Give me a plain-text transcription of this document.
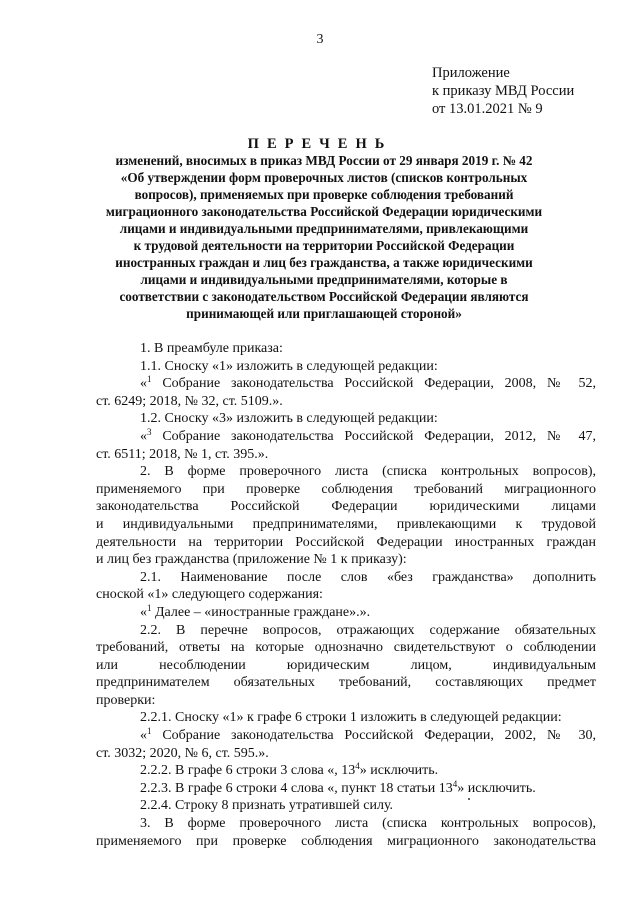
3
Приложение
к приказу МВД России
от 13.01.2021 № 9
ПЕРЕЧЕНЬ
изменений, вносимых в приказ МВД России от 29 января 2019 г. № 42
«Об утверждении форм проверочных листов (списков контрольных
вопросов), применяемых при проверке соблюдения требований
миграционного законодательства Российской Федерации юридическими
лицами и индивидуальными предпринимателями, привлекающими
к трудовой деятельности на территории Российской Федерации
иностранных граждан и лиц без гражданства, а также юридическими
лицами и индивидуальными предпринимателями, которые в
соответствии с законодательством Российской Федерации являются
принимающей или приглашающей стороной»
1. В преамбуле приказа:
1.1. Сноску «1» изложить в следующей редакции:
«$^1$ Собрание законодательства Российской Федерации, 2008, № 52,
ст. 6249; 2018, № 32, ст. 5109.».
1.2. Сноску «3» изложить в следующей редакции:
«$^3$ Собрание законодательства Российской Федерации, 2012, № 47,
ст. 6511; 2018, № 1, ст. 395.».
2. В форме проверочного листа (списка контрольных вопросов),
применяемого при проверке соблюдения требований миграционного
законодательства Российской Федерации юридическими лицами
и индивидуальными предпринимателями, привлекающими к трудовой
деятельности на территории Российской Федерации иностранных граждан
и лиц без гражданства (приложение № 1 к приказу):
2.1. Наименование после слов «без гражданства» дополнить
сноской «1» следующего содержания:
«$^1$ Далее – «иностранные граждане».».
2.2. В перечне вопросов, отражающих содержание обязательных
требований, ответы на которые однозначно свидетельствуют о соблюдении
или несоблюдении юридическим лицом, индивидуальным
предпринимателем обязательных требований, составляющих предмет
проверки:
2.2.1. Сноску «1» к графе 6 строки 1 изложить в следующей редакции:
«$^1$ Собрание законодательства Российской Федерации, 2002, № 30,
ст. 3032; 2020, № 6, ст. 595.».
2.2.2. В графе 6 строки 3 слова «, $13^4$» исключить.
2.2.3. В графе 6 строки 4 слова «, пункт 18 статьи $13^4$» исключить.
2.2.4. Строку 8 признать утратившей силу.
3. В форме проверочного листа (списка контрольных вопросов),
применяемого при проверке соблюдения миграционного законодательства
